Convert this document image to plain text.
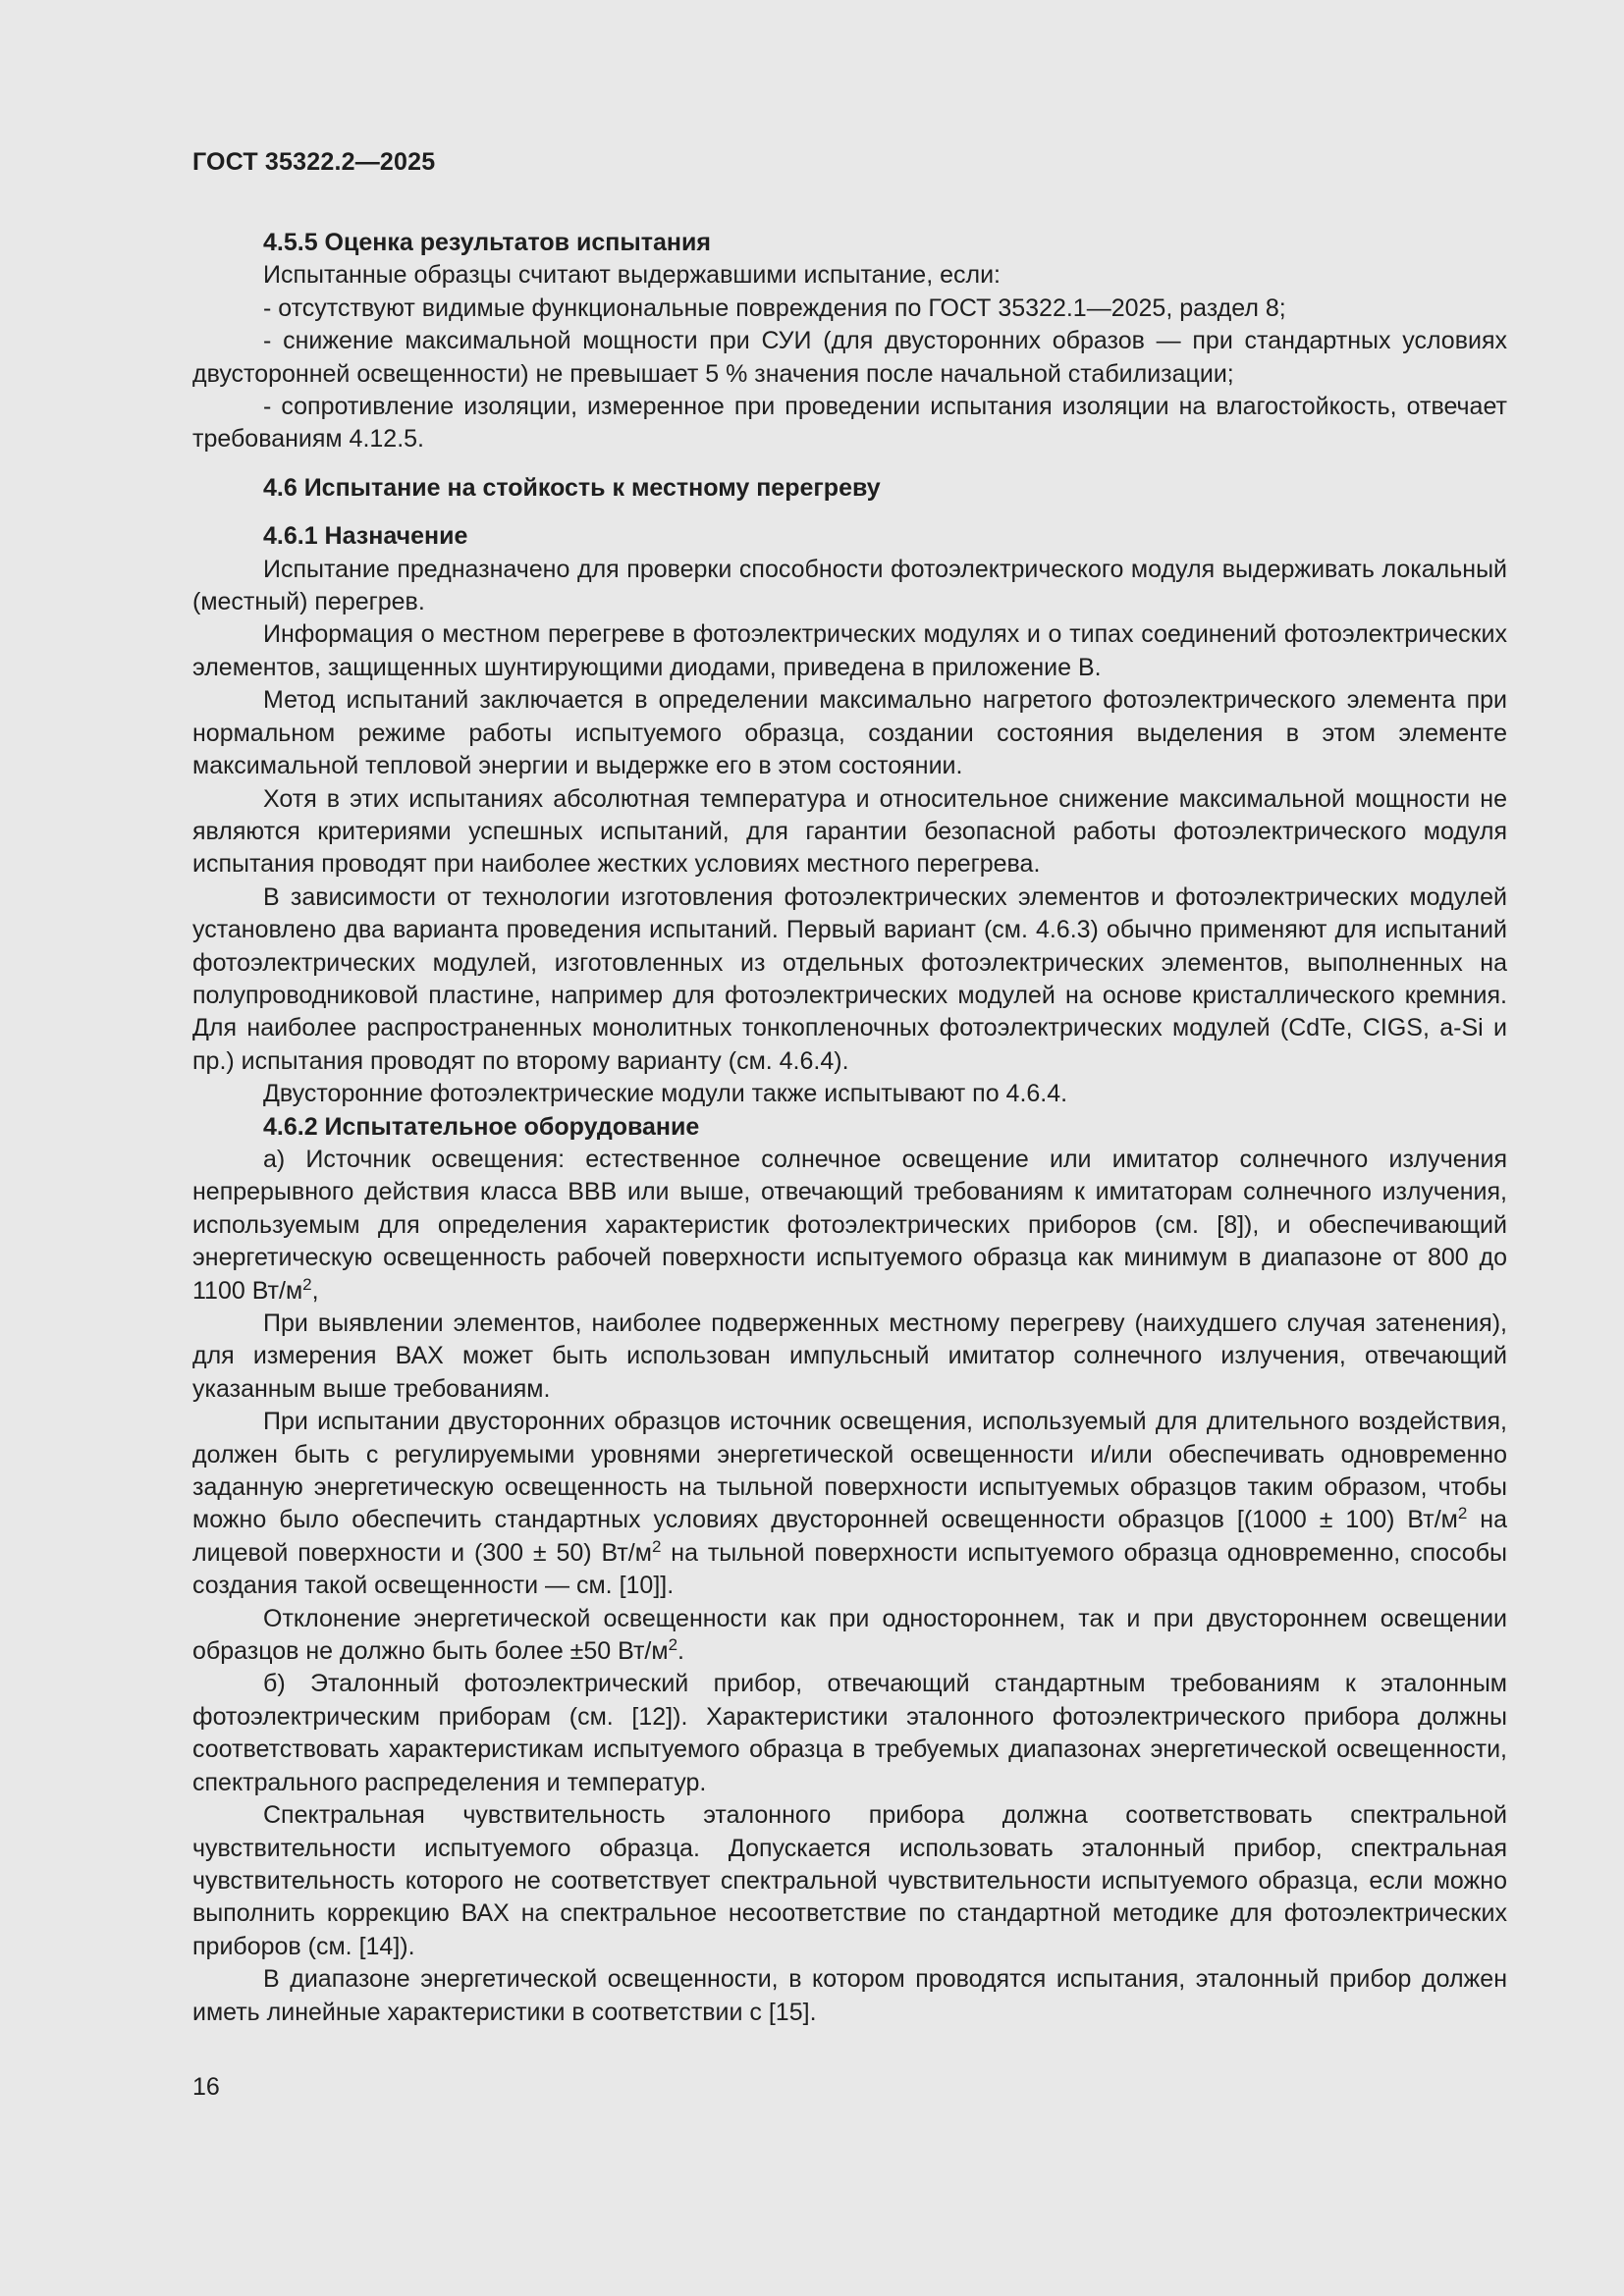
ГОСТ 35322.2—2025

4.5.5 Оценка результатов испытания

Испытанные образцы считают выдержавшими испытание, если:

- отсутствуют видимые функциональные повреждения по ГОСТ 35322.1—2025, раздел 8;

- снижение максимальной мощности при СУИ (для двусторонних образов — при стандартных условиях двусторонней освещенности) не превышает 5 % значения после начальной стабилизации;

- сопротивление изоляции, измеренное при проведении испытания изоляции на влагостойкость, отвечает требованиям 4.12.5.

4.6 Испытание на стойкость к местному перегреву

4.6.1 Назначение

Испытание предназначено для проверки способности фотоэлектрического модуля выдерживать локальный (местный) перегрев.

Информация о местном перегреве в фотоэлектрических модулях и о типах соединений фотоэлектрических элементов, защищенных шунтирующими диодами, приведена в приложение В.

Метод испытаний заключается в определении максимально нагретого фотоэлектрического элемента при нормальном режиме работы испытуемого образца, создании состояния выделения в этом элементе максимальной тепловой энергии и выдержке его в этом состоянии.

Хотя в этих испытаниях абсолютная температура и относительное снижение максимальной мощности не являются критериями успешных испытаний, для гарантии безопасной работы фотоэлектрического модуля испытания проводят при наиболее жестких условиях местного перегрева.

В зависимости от технологии изготовления фотоэлектрических элементов и фотоэлектрических модулей установлено два варианта проведения испытаний. Первый вариант (см. 4.6.3) обычно применяют для испытаний фотоэлектрических модулей, изготовленных из отдельных фотоэлектрических элементов, выполненных на полупроводниковой пластине, например для фотоэлектрических модулей на основе кристаллического кремния. Для наиболее распространенных монолитных тонкопленочных фотоэлектрических модулей (CdTe, CIGS, a-Si и пр.) испытания проводят по второму варианту (см. 4.6.4).

Двусторонние фотоэлектрические модули также испытывают по 4.6.4.

4.6.2 Испытательное оборудование

а) Источник освещения: естественное солнечное освещение или имитатор солнечного излучения непрерывного действия класса ВВВ или выше, отвечающий требованиям к имитаторам солнечного излучения, используемым для определения характеристик фотоэлектрических приборов (см. [8]), и обеспечивающий энергетическую освещенность рабочей поверхности испытуемого образца как минимум в диапазоне от 800 до 1100 $Вт/м^2$,

При выявлении элементов, наиболее подверженных местному перегреву (наихудшего случая затенения), для измерения ВАХ может быть использован импульсный имитатор солнечного излучения, отвечающий указанным выше требованиям.

При испытании двусторонних образцов источник освещения, используемый для длительного воздействия, должен быть с регулируемыми уровнями энергетической освещенности и/или обеспечивать одновременно заданную энергетическую освещенность на тыльной поверхности испытуемых образцов таким образом, чтобы можно было обеспечить стандартных условиях двусторонней освещенности образцов [(1000 ± 100) $Вт/м^2$ на лицевой поверхности и (300 ± 50) $Вт/м^2$ на тыльной поверхности испытуемого образца одновременно, способы создания такой освещенности — см. [10]].

Отклонение энергетической освещенности как при одностороннем, так и при двустороннем освещении образцов не должно быть более ±50 $Вт/м^2$.

б) Эталонный фотоэлектрический прибор, отвечающий стандартным требованиям к эталонным фотоэлектрическим приборам (см. [12]). Характеристики эталонного фотоэлектрического прибора должны соответствовать характеристикам испытуемого образца в требуемых диапазонах энергетической освещенности, спектрального распределения и температур.

Спектральная чувствительность эталонного прибора должна соответствовать спектральной чувствительности испытуемого образца. Допускается использовать эталонный прибор, спектральная чувствительность которого не соответствует спектральной чувствительности испытуемого образца, если можно выполнить коррекцию ВАХ на спектральное несоответствие по стандартной методике для фотоэлектрических приборов (см. [14]).

В диапазоне энергетической освещенности, в котором проводятся испытания, эталонный прибор должен иметь линейные характеристики в соответствии с [15].

16
